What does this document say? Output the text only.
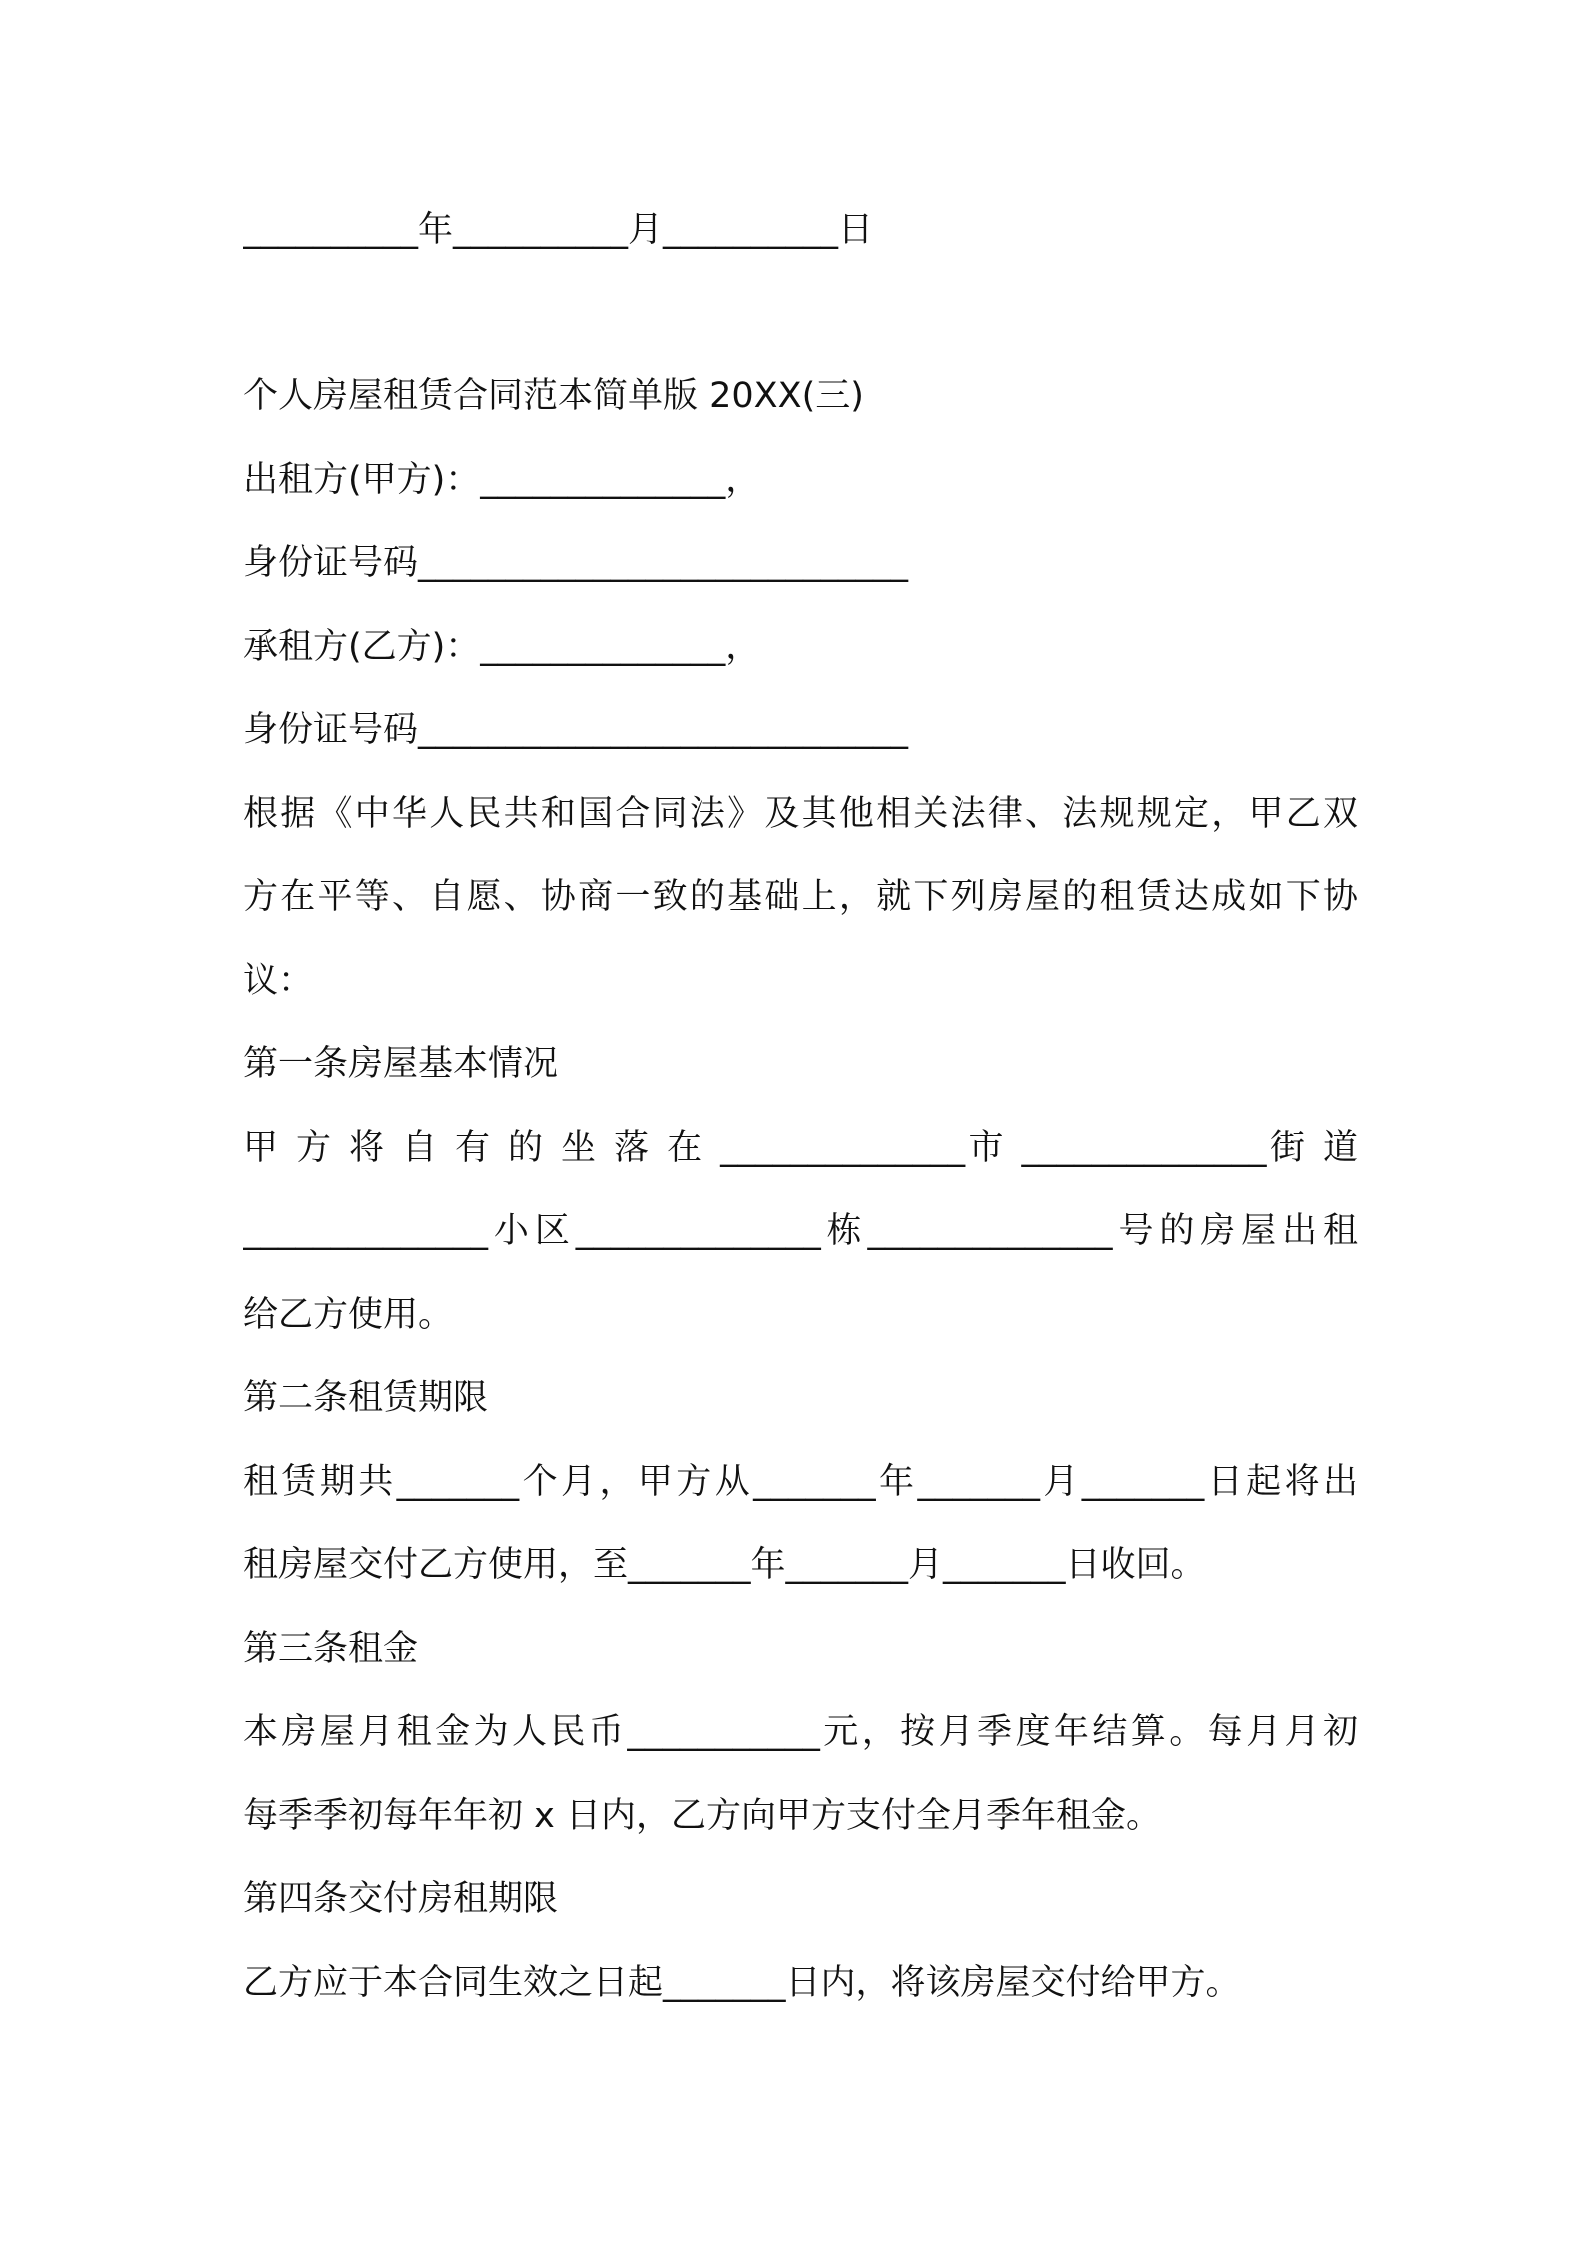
__________年__________月__________日
个人房屋租赁合同范本简单版 20XX(三)
出租方(甲方)：______________，
身份证号码____________________________
承租方(乙方)：______________，
身份证号码____________________________
根据《中华人民共和国合同法》及其他相关法律、法规规定，甲乙双
方在平等、自愿、协商一致的基础上，就下列房屋的租赁达成如下协
议：
第一条房屋基本情况
甲 方 将 自 有 的 坐 落 在 ______________市 ______________街 道
______________小区______________栋______________号的房屋出租
给乙方使用。
第二条租赁期限
租赁期共_______个月，甲方从_______年_______月_______日起将出
租房屋交付乙方使用，至_______年_______月_______日收回。
第三条租金
本房屋月租金为人民币___________元，按月季度年结算。每月月初
每季季初每年年初 x 日内，乙方向甲方支付全月季年租金。
第四条交付房租期限
乙方应于本合同生效之日起_______日内，将该房屋交付给甲方。
